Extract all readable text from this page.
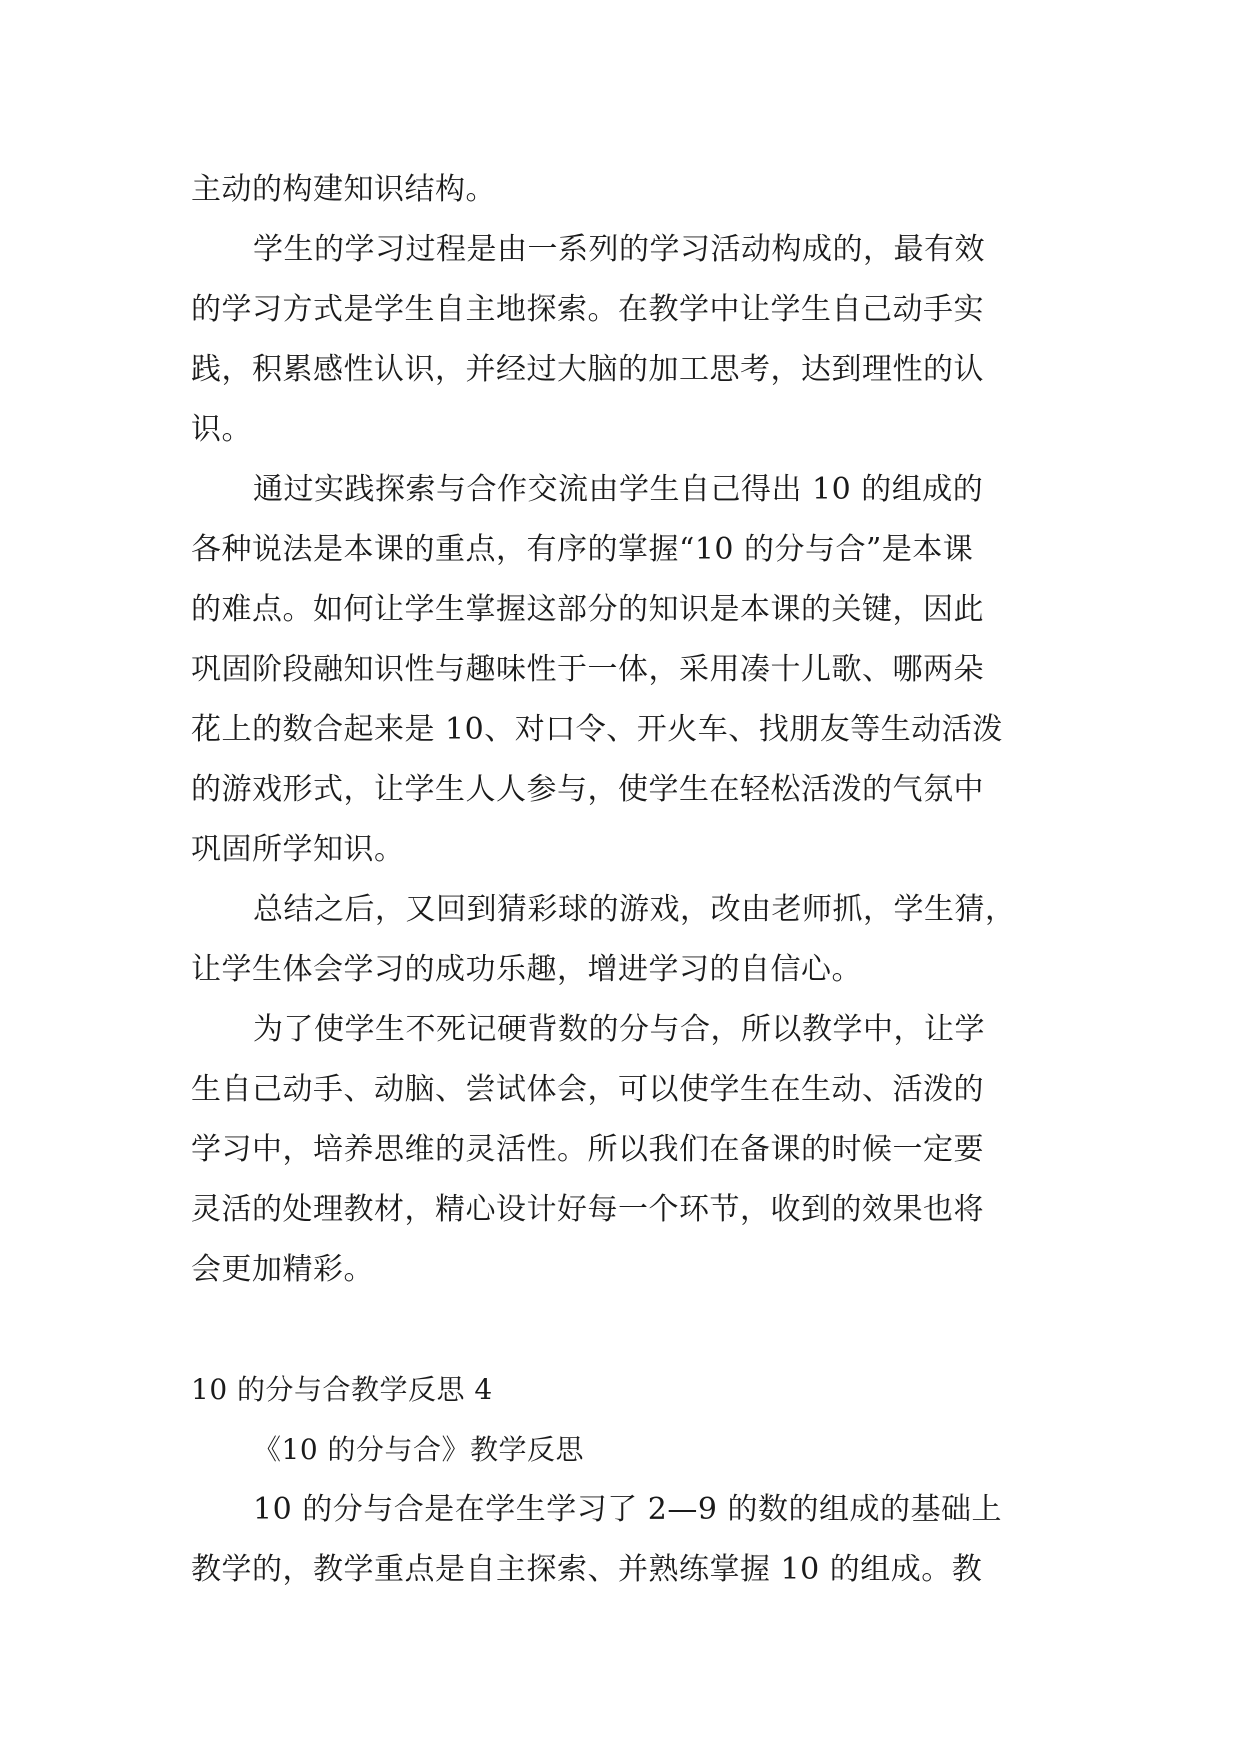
主动的构建知识结构。
学生的学习过程是由一系列的学习活动构成的，最有效
的学习方式是学生自主地探索。在教学中让学生自己动手实
践，积累感性认识，并经过大脑的加工思考，达到理性的认
识。
通过实践探索与合作交流由学生自己得出 10 的组成的
各种说法是本课的重点，有序的掌握“10 的分与合”是本课
的难点。如何让学生掌握这部分的知识是本课的关键，因此
巩固阶段融知识性与趣味性于一体，采用凑十儿歌、哪两朵
花上的数合起来是 10、对口令、开火车、找朋友等生动活泼
的游戏形式，让学生人人参与，使学生在轻松活泼的气氛中
巩固所学知识。
总结之后，又回到猜彩球的游戏，改由老师抓，学生猜，
让学生体会学习的成功乐趣，增进学习的自信心。
为了使学生不死记硬背数的分与合，所以教学中，让学
生自己动手、动脑、尝试体会，可以使学生在生动、活泼的
学习中，培养思维的灵活性。所以我们在备课的时候一定要
灵活的处理教材，精心设计好每一个环节，收到的效果也将
会更加精彩。
10 的分与合教学反思 4
《10 的分与合》教学反思
10 的分与合是在学生学习了 2—9 的数的组成的基础上
教学的，教学重点是自主探索、并熟练掌握 10 的组成。教
